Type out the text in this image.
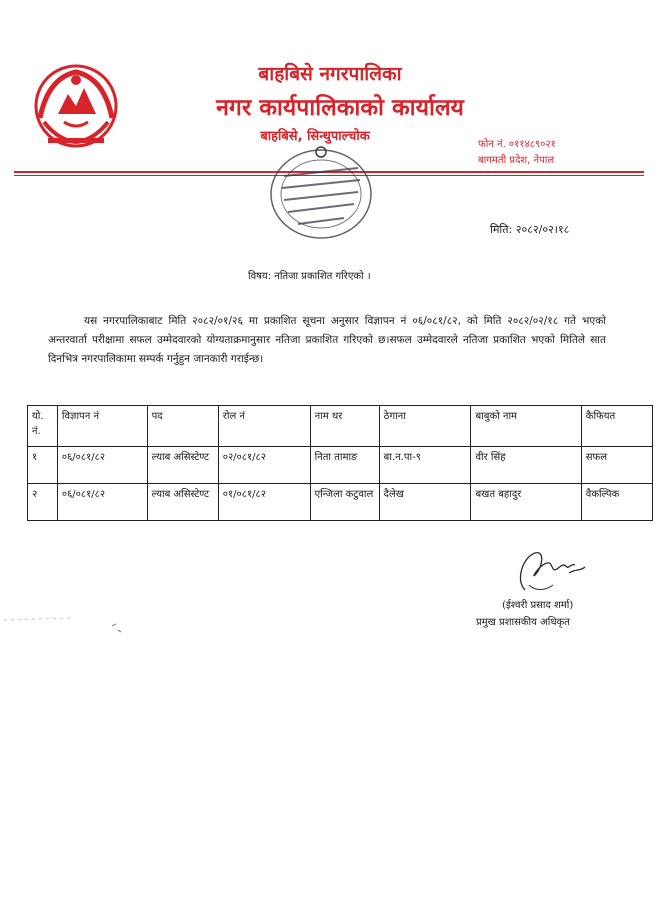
बाहबिसे नगरपालिका
नगर कार्यपालिकाको कार्यालय
बाहबिसे, सिन्धुपाल्चोक
फोन नं. ०११४८९०२१
बागमती प्रदेश, नेपाल
मिति: २०८२/०२।१८
विषय: नतिजा प्रकाशित गरिएको ।
यस नगरपालिकाबाट मिति २०८२/०१/२६ मा प्रकाशित सूचना अनुसार विज्ञापन नं ०६/०८१/८२, को मिति २०८२/०२/१८ गते भएको अन्तरवार्ता परीक्षामा सफल उम्मेदवारको योग्यताक्रमानुसार नतिजा प्रकाशित गरिएको छ।सफल उम्मेदवारले नतिजा प्रकाशित भएको मितिले सात दिनभित्र नगरपालिकामा सम्पर्क गर्नुहुन जानकारी गराईन्छ।
यो. नं.	विज्ञापन नं	पद	रोल नं	नाम थर	ठेगाना	बाबुको नाम	कैफियत
१	०६/०८१/८२	ल्याब असिस्टेण्ट	०२/०८१/८२	निता तामाङ	बा.न.पा-९	वीर सिंह	सफल
२	०६/०८१/८२	ल्याब असिस्टेण्ट	०१/०८१/८२	एन्जिला कटुवाल	दैलेख	बखत बहादुर	वैकल्पिक
(ईश्वरी प्रसाद शर्मा)
प्रमुख प्रशासकीय अधिकृत
